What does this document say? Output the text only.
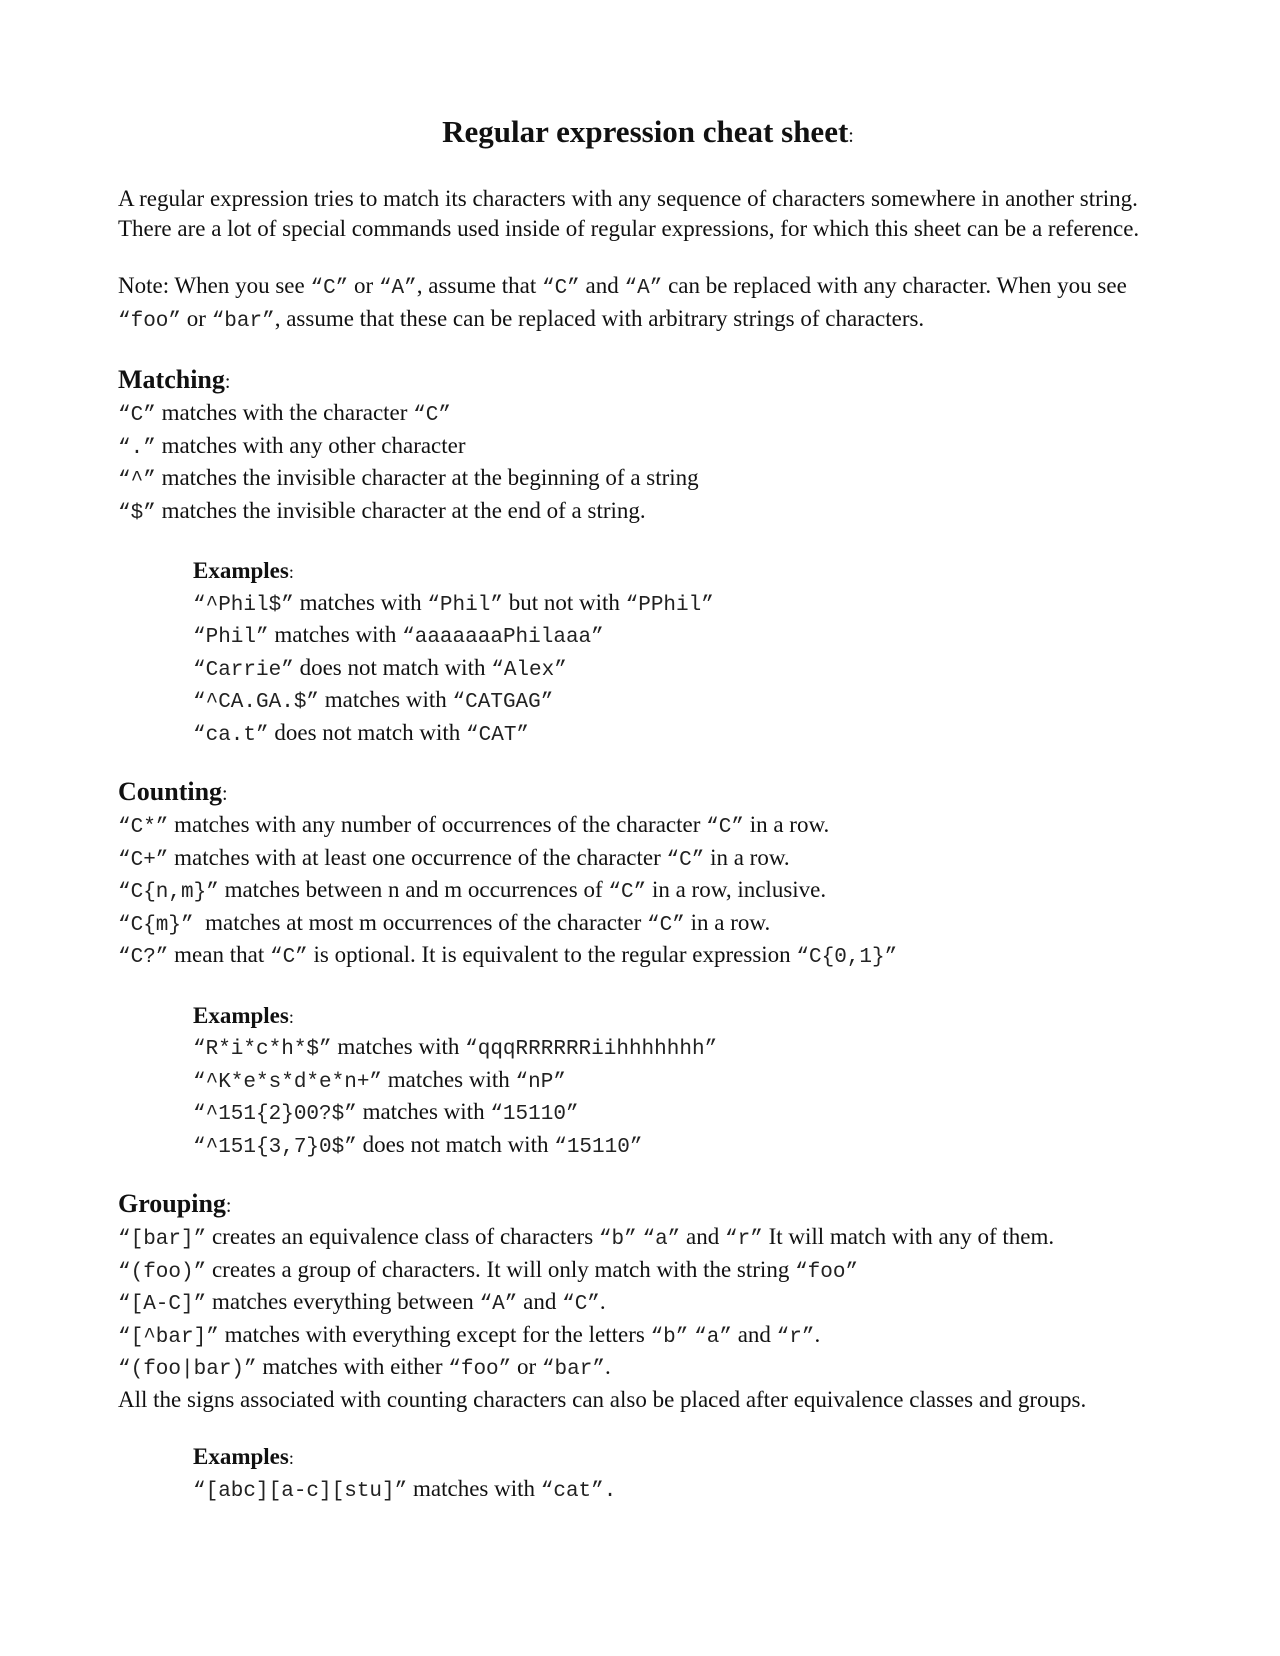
Regular expression cheat sheet:

A regular expression tries to match its characters with any sequence of characters somewhere in another string. There are a lot of special commands used inside of regular expressions, for which this sheet can be a reference.

Note: When you see “C” or “A”, assume that “C” and “A” can be replaced with any character. When you see “foo” or “bar”, assume that these can be replaced with arbitrary strings of characters.

Matching:
“C” matches with the character “C”
“.” matches with any other character
“^” matches the invisible character at the beginning of a string
“$” matches the invisible character at the end of a string.
Examples:
“^Phil$” matches with “Phil” but not with “PPhil”
“Phil” matches with “aaaaaaaPhilaaa”
“Carrie” does not match with “Alex”
“^CA.GA.$” matches with “CATGAG”
“ca.t” does not match with “CAT”
Counting:
“C*” matches with any number of occurrences of the character “C” in a row.
“C+” matches with at least one occurrence of the character “C” in a row.
“C{n,m}” matches between n and m occurrences of “C” in a row, inclusive.
“C{m}”  matches at most m occurrences of the character “C” in a row.
“C?” mean that “C” is optional. It is equivalent to the regular expression “C{0,1}”
Examples:
“R*i*c*h*$” matches with “qqqRRRRRRiihhhhhhh”
“^K*e*s*d*e*n+” matches with “nP”
“^151{2}00?$” matches with “15110”
“^151{3,7}0$” does not match with “15110”
Grouping:
“[bar]” creates an equivalence class of characters “b” “a” and “r” It will match with any of them.
“(foo)” creates a group of characters. It will only match with the string “foo”
“[A-C]” matches everything between “A” and “C”.
“[^bar]” matches with everything except for the letters “b” “a” and “r”.
“(foo|bar)” matches with either “foo” or “bar”.

All the signs associated with counting characters can also be placed after equivalence classes and groups.

Examples:
“[abc][a-c][stu]” matches with “cat”.
